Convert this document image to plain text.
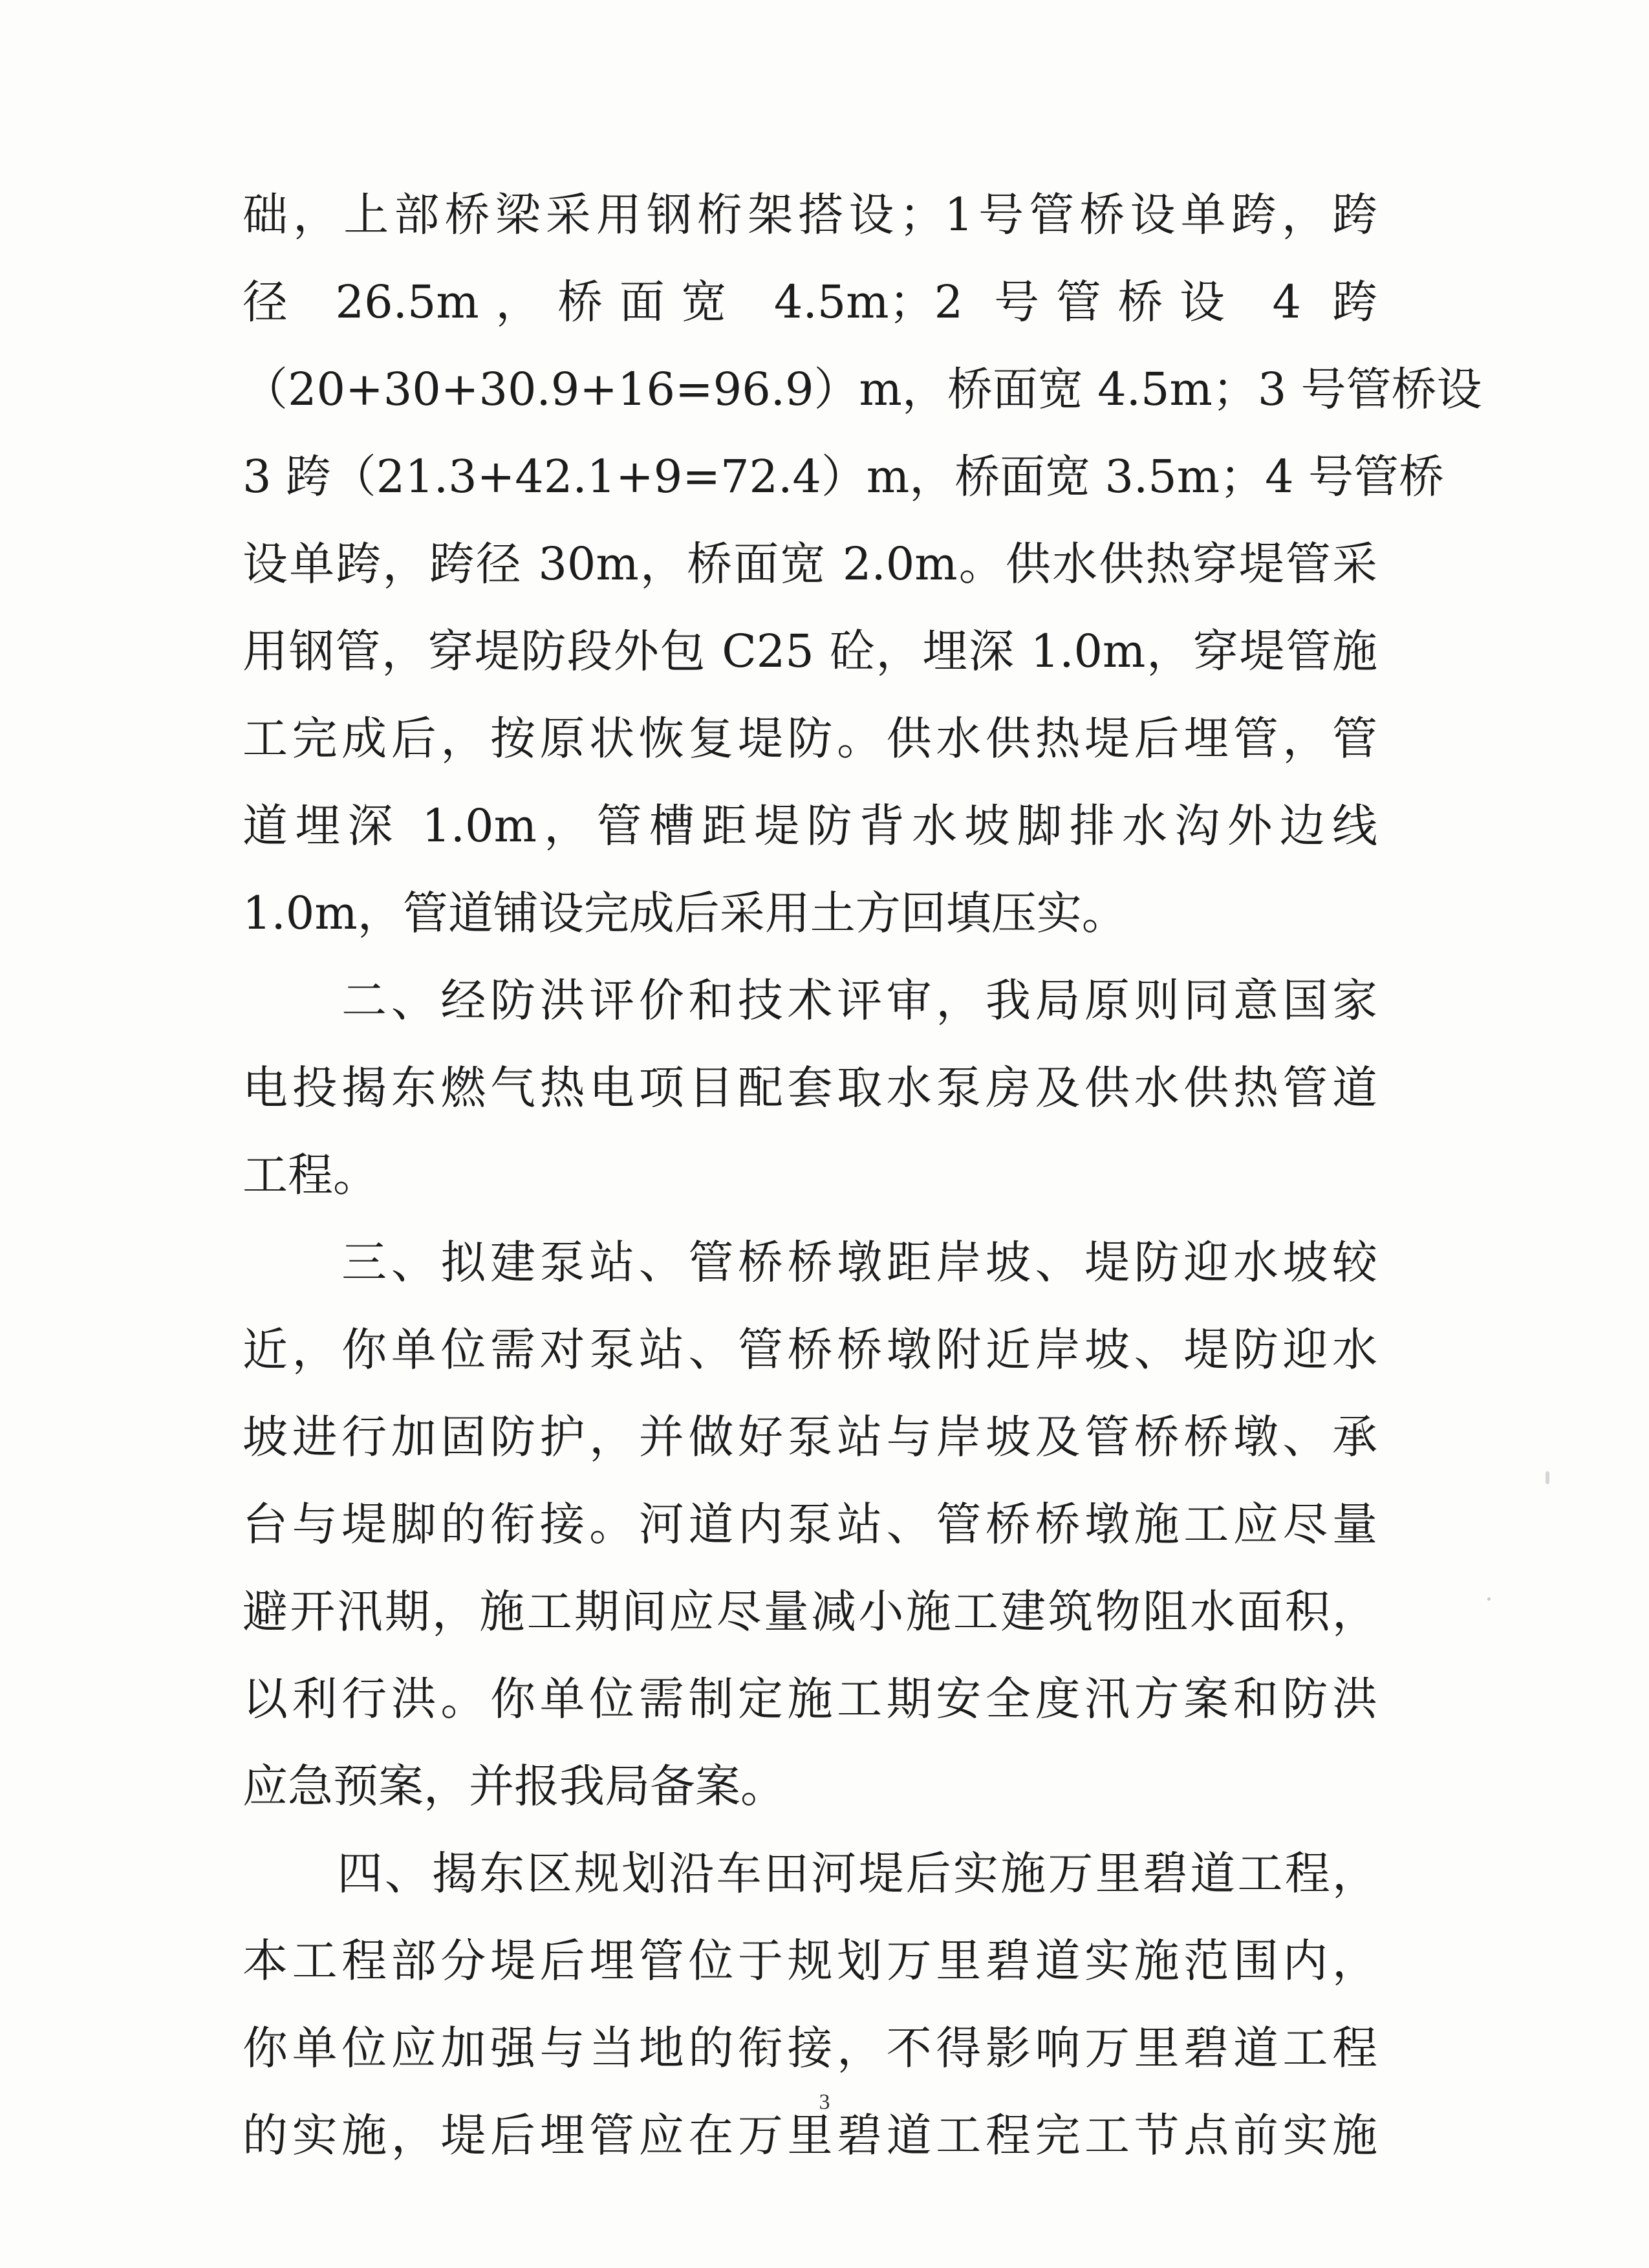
础，上部桥梁采用钢桁架搭设；1号管桥设单跨，跨
径 26.5m，桥面宽 4.5m；2 号管桥设 4 跨
（20+30+30.9+16=96.9）m，桥面宽 4.5m；3 号管桥设
3 跨（21.3+42.1+9=72.4）m，桥面宽 3.5m；4 号管桥
设单跨，跨径 30m，桥面宽 2.0m。供水供热穿堤管采
用钢管，穿堤防段外包 C25 砼，埋深 1.0m，穿堤管施
工完成后，按原状恢复堤防。供水供热堤后埋管，管
道埋深 1.0m，管槽距堤防背水坡脚排水沟外边线
1.0m，管道铺设完成后采用土方回填压实。
　　二、经防洪评价和技术评审，我局原则同意国家
电投揭东燃气热电项目配套取水泵房及供水供热管道
工程。
　　三、拟建泵站、管桥桥墩距岸坡、堤防迎水坡较
近，你单位需对泵站、管桥桥墩附近岸坡、堤防迎水
坡进行加固防护，并做好泵站与岸坡及管桥桥墩、承
台与堤脚的衔接。河道内泵站、管桥桥墩施工应尽量
避开汛期，施工期间应尽量减小施工建筑物阻水面积，
以利行洪。你单位需制定施工期安全度汛方案和防洪
应急预案，并报我局备案。
　　四、揭东区规划沿车田河堤后实施万里碧道工程，
本工程部分堤后埋管位于规划万里碧道实施范围内，
你单位应加强与当地的衔接，不得影响万里碧道工程
的实施，堤后埋管应在万里碧道工程完工节点前实施
3
